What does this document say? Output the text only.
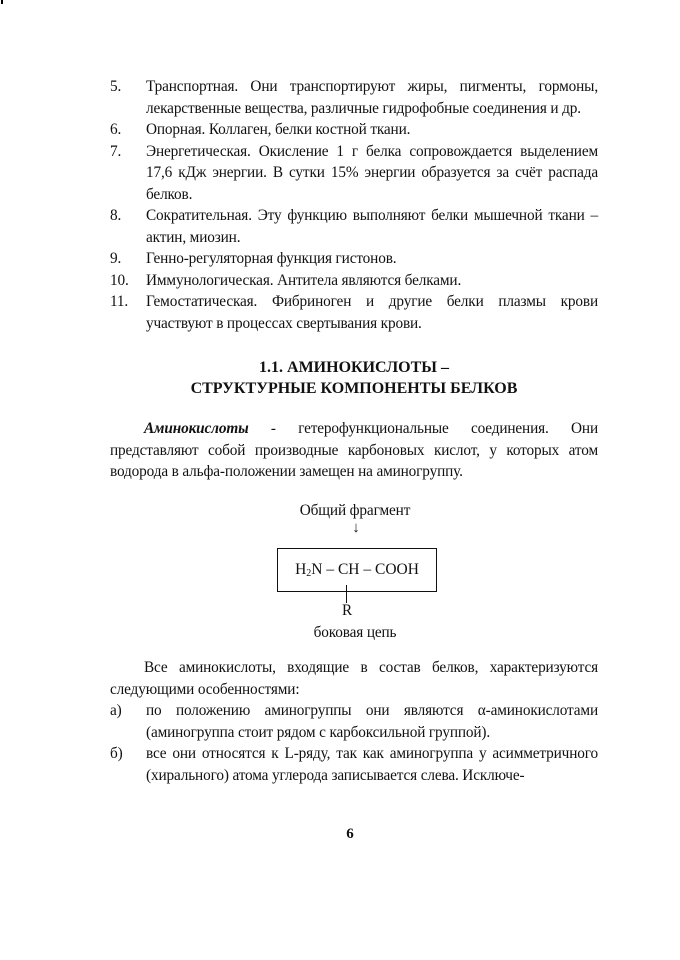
5. Транспортная. Они транспортируют жиры, пигменты, гормоны, лекарственные вещества, различные гидрофобные соединения и др.
6. Опорная. Коллаген, белки костной ткани.
7. Энергетическая. Окисление 1 г белка сопровождается выделением 17,6 кДж энергии. В сутки 15% энергии образуется за счёт распада белков.
8. Сократительная. Эту функцию выполняют белки мышечной ткани – актин, миозин.
9. Генно-регуляторная функция гистонов.
10. Иммунологическая. Антитела являются белками.
11. Гемостатическая. Фибриноген и другие белки плазмы крови участвуют в процессах свертывания крови.
1.1. АМИНОКИСЛОТЫ –
СТРУКТУРНЫЕ КОМПОНЕНТЫ БЕЛКОВ

Аминокислоты - гетерофункциональные соединения. Они представляют собой производные карбоновых кислот, у которых атом водорода в альфа-положении замещен на аминогруппу.

Общий фрагмент
↓
$H_2N$ – CH – COOH
R
боковая цепь

Все аминокислоты, входящие в состав белков, характеризуются следующими особенностями:

а) по положению аминогруппы они являются α-аминокислотами (аминогруппа стоит рядом с карбоксильной группой).
б) все они относятся к L-ряду, так как аминогруппа у асимметричного (хирального) атома углерода записывается слева. Исключе-
6
